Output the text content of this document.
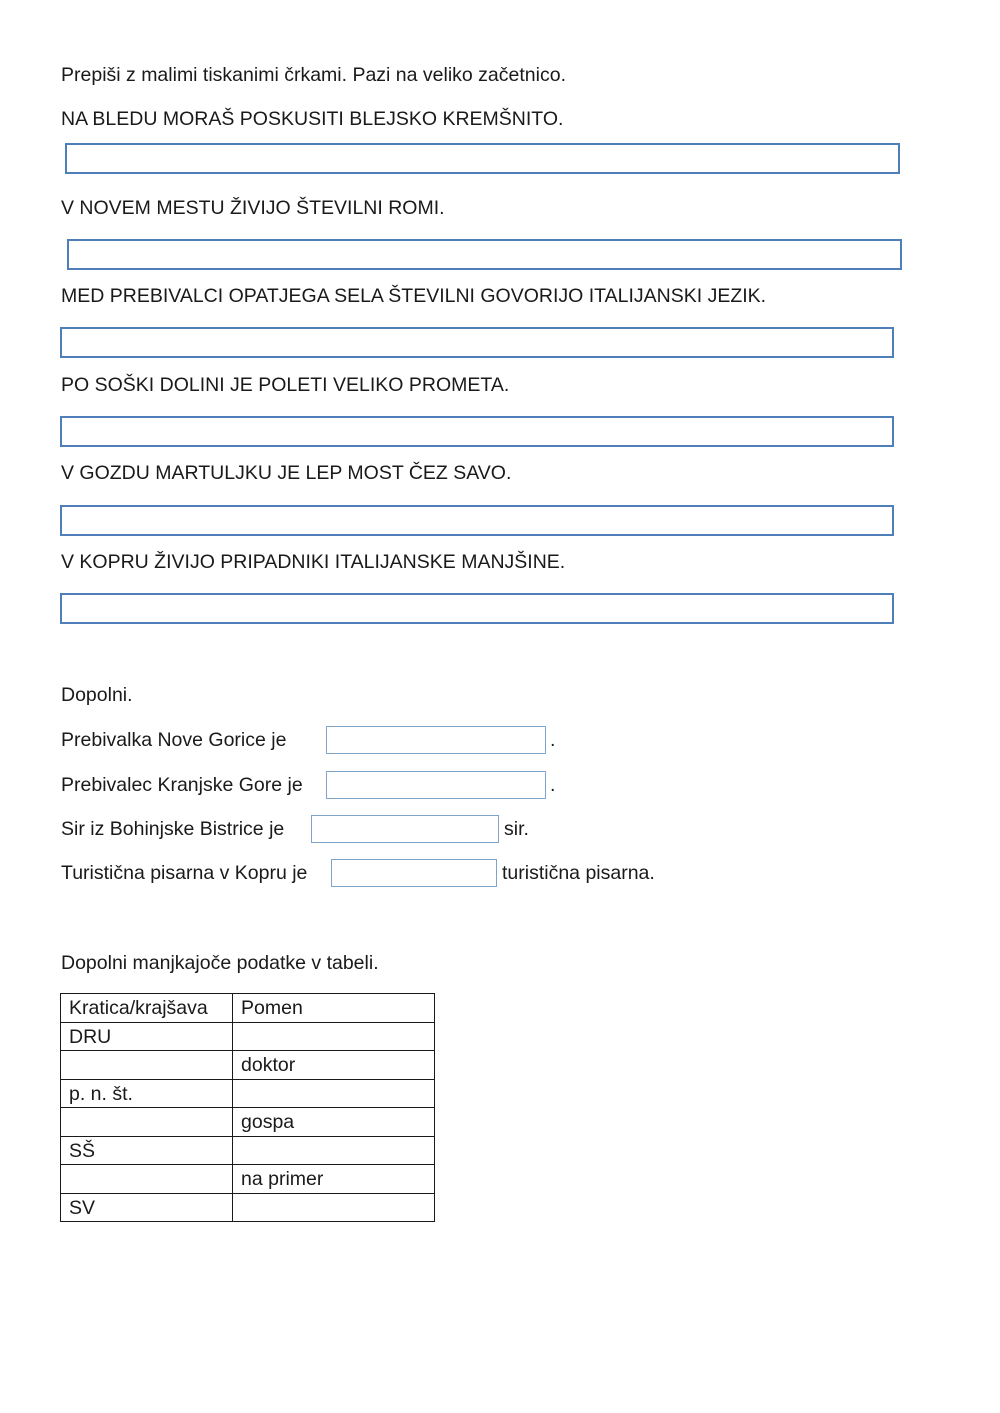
Prepiši z malimi tiskanimi črkami. Pazi na veliko začetnico.
NA BLEDU MORAŠ POSKUSITI BLEJSKO KREMŠNITO.
V NOVEM MESTU ŽIVIJO ŠTEVILNI ROMI.
MED PREBIVALCI OPATJEGA SELA ŠTEVILNI GOVORIJO ITALIJANSKI JEZIK.
PO SOŠKI DOLINI JE POLETI VELIKO PROMETA.
V GOZDU MARTULJKU JE LEP MOST ČEZ SAVO.
V KOPRU ŽIVIJO PRIPADNIKI ITALIJANSKE MANJŠINE.
Dopolni.
Prebivalka Nove Gorice je	.
Prebivalec Kranjske Gore je	.
Sir iz Bohinjske Bistrice je	sir.
Turistična pisarna v Kopru je	turistična pisarna.
Dopolni manjkajoče podatke v tabeli.
Kratica/krajšava	Pomen
DRU	
	doktor
p. n. št.	
	gospa
SŠ	
	na primer
SV	
